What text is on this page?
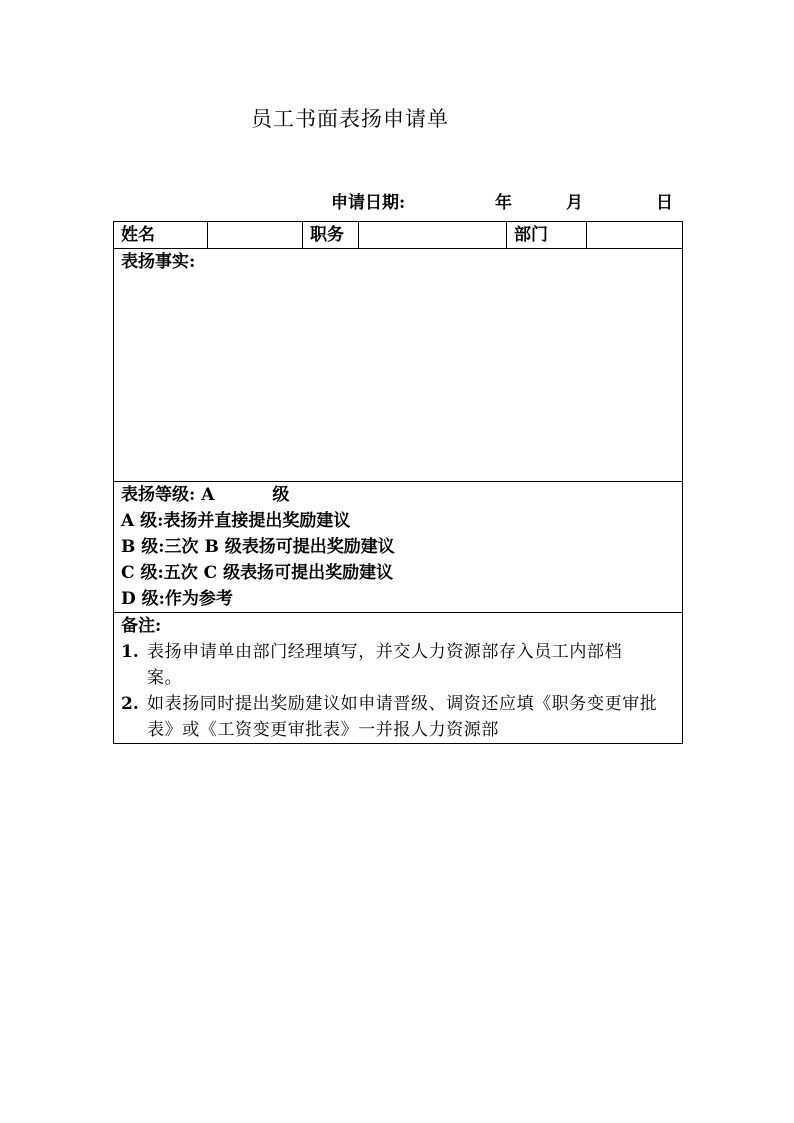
员工书面表扬申请单
申请日期:	年	月	日
姓名		职务		部门	

表扬事实:

表扬等级: A	级
A 级:表扬并直接提出奖励建议
B 级:三次 B 级表扬可提出奖励建议
C 级:五次 C 级表扬可提出奖励建议
D 级:作为参考

备注:
1. 表扬申请单由部门经理填写，并交人力资源部存入员工内部档　　案。
2. 如表扬同时提出奖励建议如申请晋级、调资还应填《职务变更审批表》或《工资变更审批表》一并报人力资源部
